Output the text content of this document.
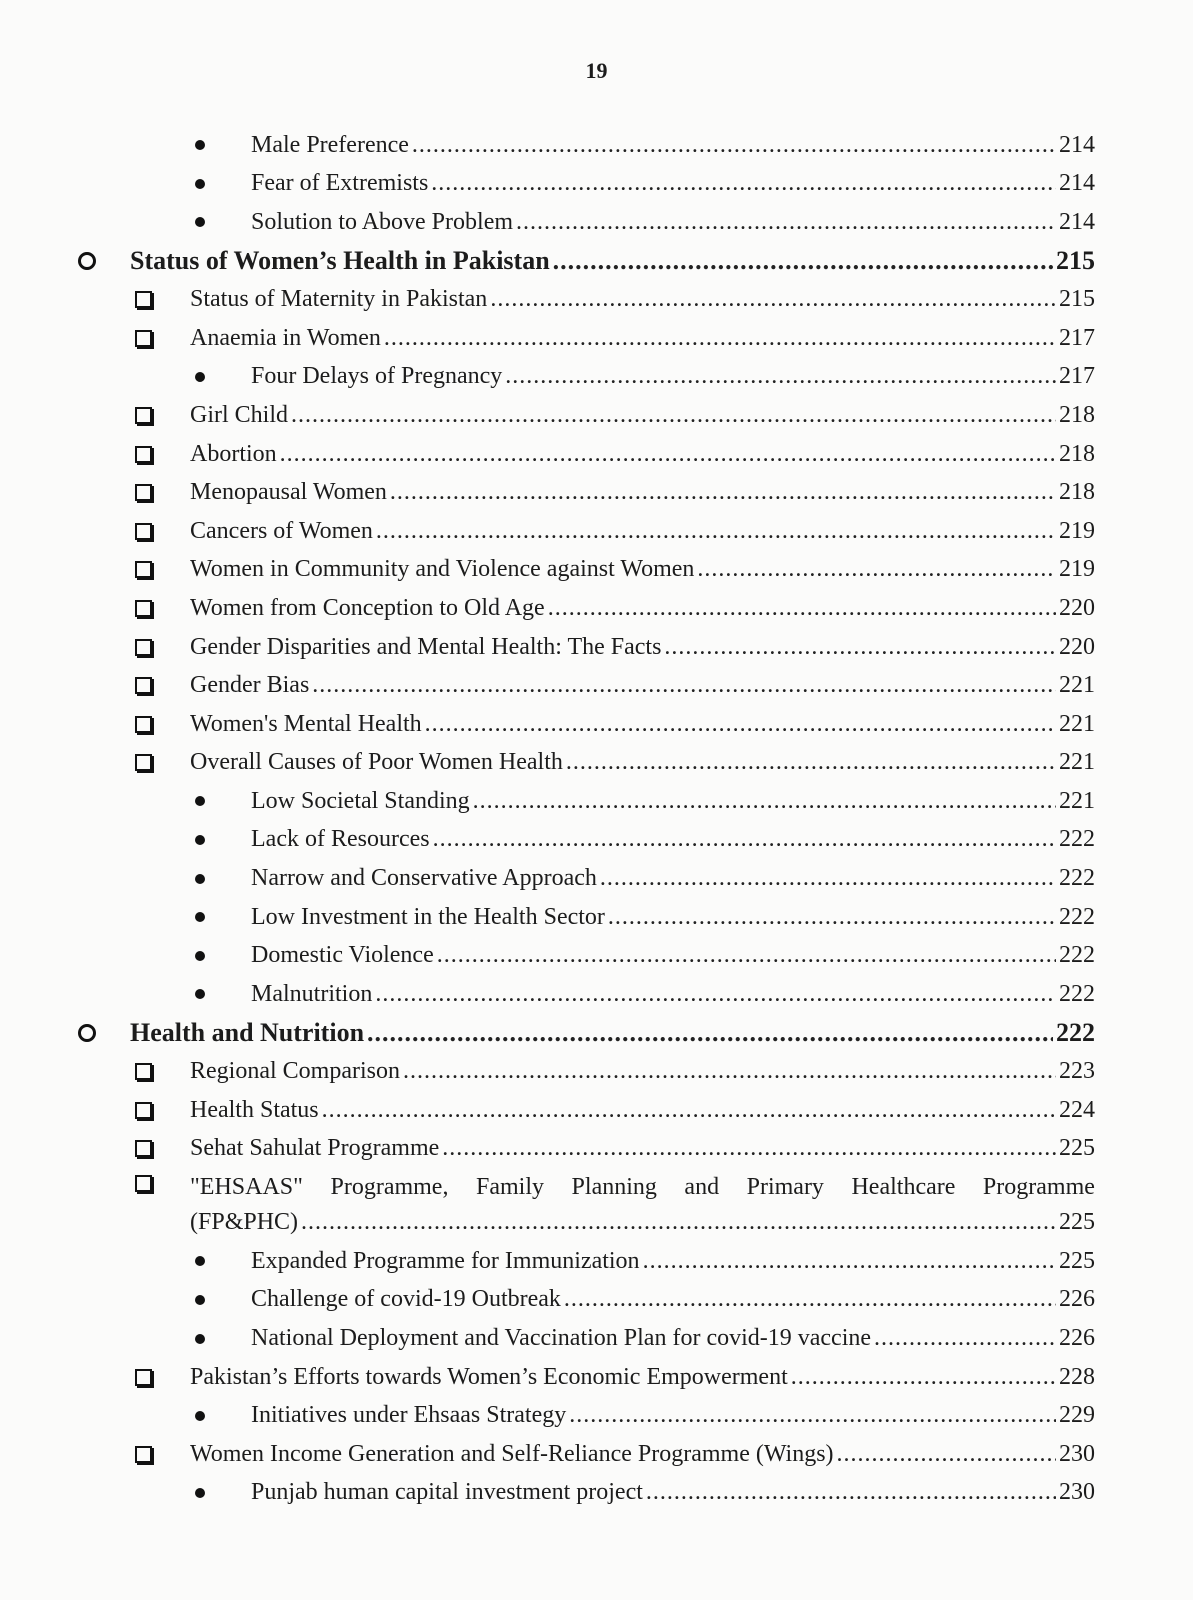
19
Male Preference .....	214
Fear of Extremists .....	214
Solution to Above Problem .....	214
Status of Women’s Health in Pakistan .....	215
Status of Maternity in Pakistan .....	215
Anaemia in Women .....	217
Four Delays of Pregnancy .....	217
Girl Child .....	218
Abortion .....	218
Menopausal Women .....	218
Cancers of Women .....	219
Women in Community and Violence against Women .....	219
Women from Conception to Old Age .....	220
Gender Disparities and Mental Health: The Facts .....	220
Gender Bias .....	221
Women's Mental Health .....	221
Overall Causes of Poor Women Health .....	221
Low Societal Standing .....	221
Lack of Resources .....	222
Narrow and Conservative Approach .....	222
Low Investment in the Health Sector .....	222
Domestic Violence .....	222
Malnutrition .....	222
Health and Nutrition .....	222
Regional Comparison .....	223
Health Status .....	224
Sehat Sahulat Programme .....	225
"EHSAAS" Programme, Family Planning and Primary Healthcare Programme
(FP&PHC) .....	225
Expanded Programme for Immunization .....	225
Challenge of covid-19 Outbreak .....	226
National Deployment and Vaccination Plan for covid-19 vaccine .....	226
Pakistan’s Efforts towards Women’s Economic Empowerment .....	228
Initiatives under Ehsaas Strategy .....	229
Women Income Generation and Self-Reliance Programme (Wings) .....	230
Punjab human capital investment project .....	230
